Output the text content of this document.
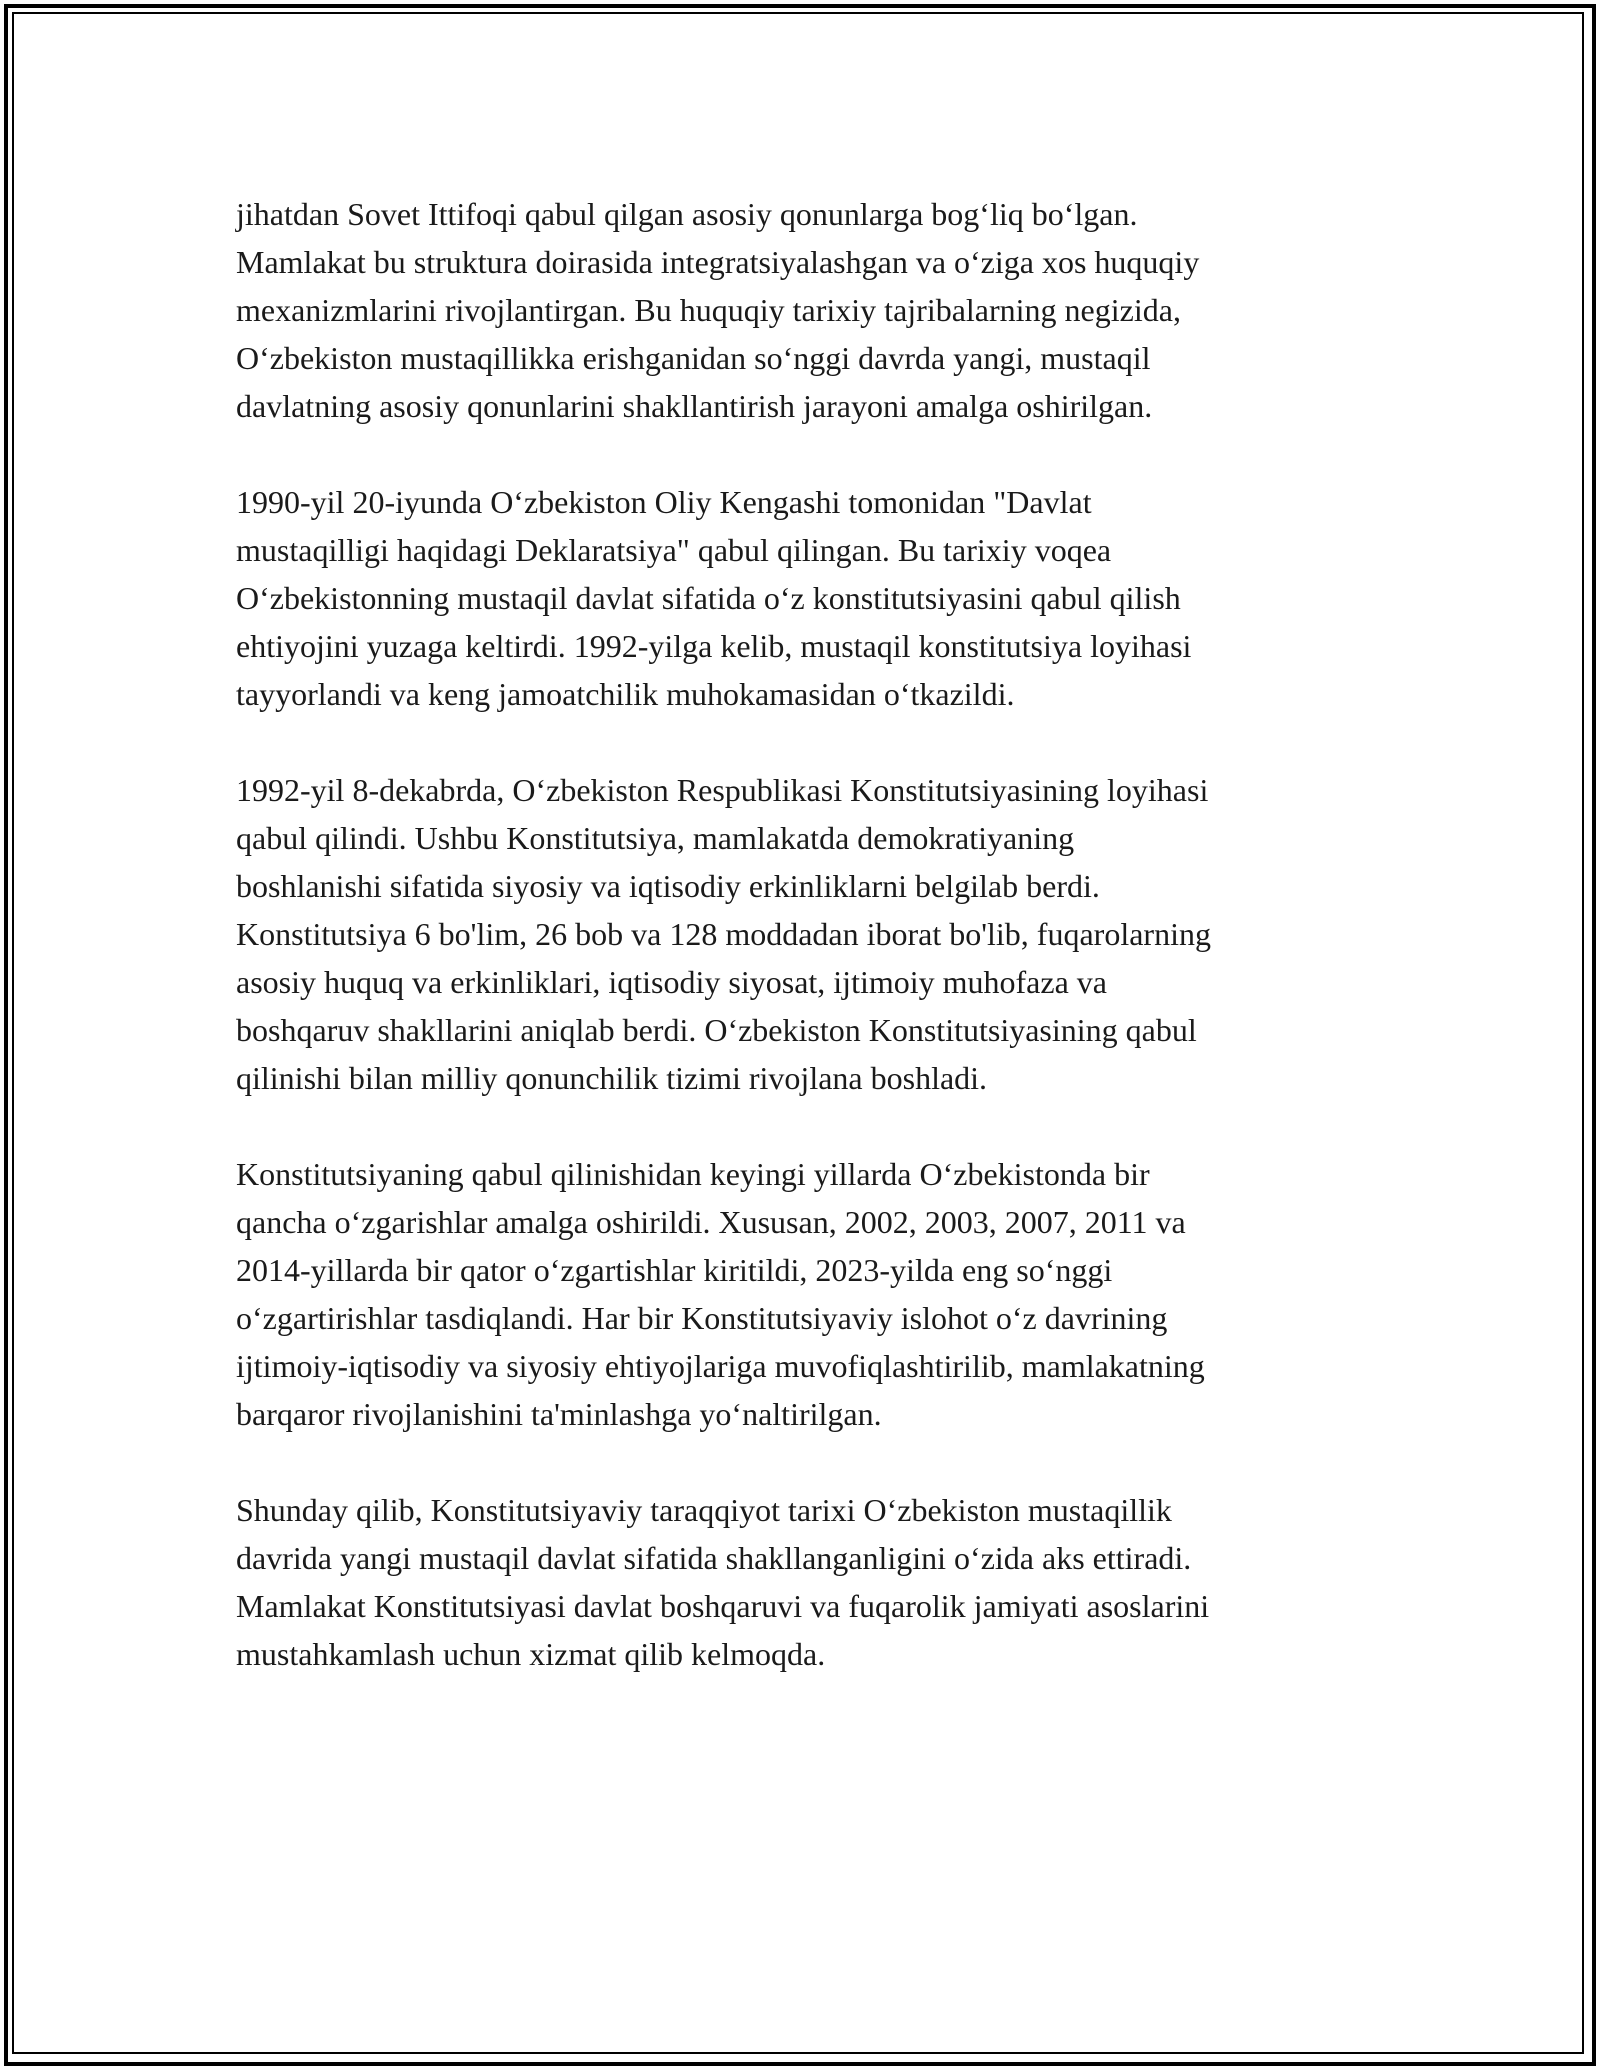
jihatdan Sovet Ittifoqi qabul qilgan asosiy qonunlarga bog‘liq bo‘lgan.
Mamlakat bu struktura doirasida integratsiyalashgan va o‘ziga xos huquqiy
mexanizmlarini rivojlantirgan. Bu huquqiy tarixiy tajribalarning negizida,
O‘zbekiston mustaqillikka erishganidan so‘nggi davrda yangi, mustaqil
davlatning asosiy qonunlarini shakllantirish jarayoni amalga oshirilgan.

1990-yil 20-iyunda O‘zbekiston Oliy Kengashi tomonidan "Davlat
mustaqilligi haqidagi Deklaratsiya" qabul qilingan. Bu tarixiy voqea
O‘zbekistonning mustaqil davlat sifatida o‘z konstitutsiyasini qabul qilish
ehtiyojini yuzaga keltirdi. 1992-yilga kelib, mustaqil konstitutsiya loyihasi
tayyorlandi va keng jamoatchilik muhokamasidan o‘tkazildi.

1992-yil 8-dekabrda, O‘zbekiston Respublikasi Konstitutsiyasining loyihasi
qabul qilindi. Ushbu Konstitutsiya, mamlakatda demokratiyaning
boshlanishi sifatida siyosiy va iqtisodiy erkinliklarni belgilab berdi.
Konstitutsiya 6 bo'lim, 26 bob va 128 moddadan iborat bo'lib, fuqarolarning
asosiy huquq va erkinliklari, iqtisodiy siyosat, ijtimoiy muhofaza va
boshqaruv shakllarini aniqlab berdi. O‘zbekiston Konstitutsiyasining qabul
qilinishi bilan milliy qonunchilik tizimi rivojlana boshladi.

Konstitutsiyaning qabul qilinishidan keyingi yillarda O‘zbekistonda bir
qancha o‘zgarishlar amalga oshirildi. Xususan, 2002, 2003, 2007, 2011 va
2014-yillarda bir qator o‘zgartishlar kiritildi, 2023-yilda eng so‘nggi
o‘zgartirishlar tasdiqlandi. Har bir Konstitutsiyaviy islohot o‘z davrining
ijtimoiy-iqtisodiy va siyosiy ehtiyojlariga muvofiqlashtirilib, mamlakatning
barqaror rivojlanishini ta'minlashga yo‘naltirilgan.

Shunday qilib, Konstitutsiyaviy taraqqiyot tarixi O‘zbekiston mustaqillik
davrida yangi mustaqil davlat sifatida shakllanganligini o‘zida aks ettiradi.
Mamlakat Konstitutsiyasi davlat boshqaruvi va fuqarolik jamiyati asoslarini
mustahkamlash uchun xizmat qilib kelmoqda.
